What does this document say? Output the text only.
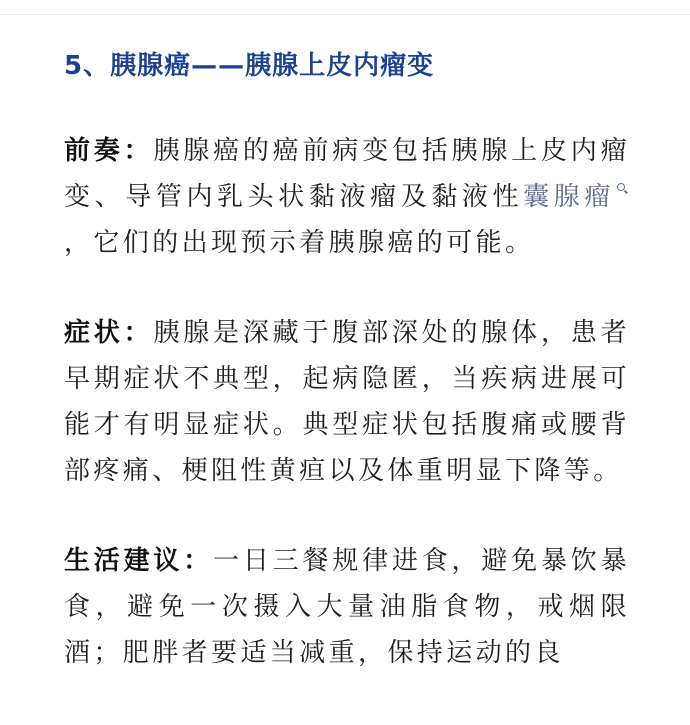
5、胰腺癌——胰腺上皮内瘤变

前奏：胰腺癌的癌前病变包括胰腺上皮内瘤变、导管内乳头状黏液瘤及黏液性囊腺瘤，它们的出现预示着胰腺癌的可能。

症状：胰腺是深藏于腹部深处的腺体，患者早期症状不典型，起病隐匿，当疾病进展可能才有明显症状。典型症状包括腹痛或腰背部疼痛、梗阻性黄疸以及体重明显下降等。

生活建议：一日三餐规律进食，避免暴饮暴食，避免一次摄入大量油脂食物，戒烟限酒；肥胖者要适当减重，保持运动的良
